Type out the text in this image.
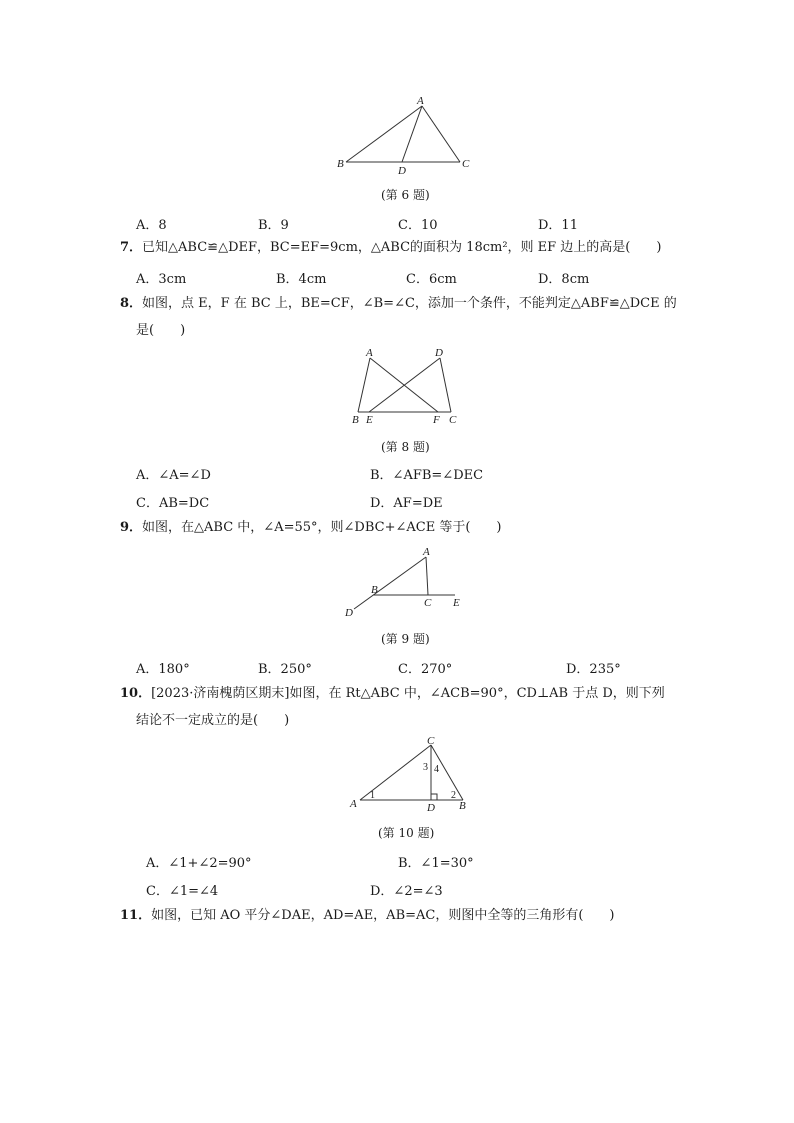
A
B	C
D
(第 6 题)
A．8	B．9	C．10	D．11
7．已知△ABC≌△DEF，BC=EF=9cm，△ABC的面积为 18cm²，则 EF 边上的高是(　　)
A．3cm	B．4cm	C．6cm	D．8cm
8．如图，点 E，F 在 BC 上，BE=CF，∠B=∠C，添加一个条件，不能判定△ABF≌△DCE 的
是(　　)
A	D
B E	F C
(第 8 题)
A．∠A=∠D	B．∠AFB=∠DEC
C．AB=DC	D．AF=DE
9．如图，在△ABC 中，∠A=55°，则∠DBC+∠ACE 等于(　　)
A
B
C
D
E
(第 9 题)
A．180°	B．250°	C．270°	D．235°
10．[2023·济南槐荫区期末]如图，在 Rt△ABC 中，∠ACB=90°，CD⊥AB 于点 D，则下列
结论不一定成立的是(　　)
C
A	D B
1	2
3 4
(第 10 题)
A．∠1+∠2=90°	B．∠1=30°
C．∠1=∠4	D．∠2=∠3
11．如图，已知 AO 平分∠DAE，AD=AE，AB=AC，则图中全等的三角形有(　　)
